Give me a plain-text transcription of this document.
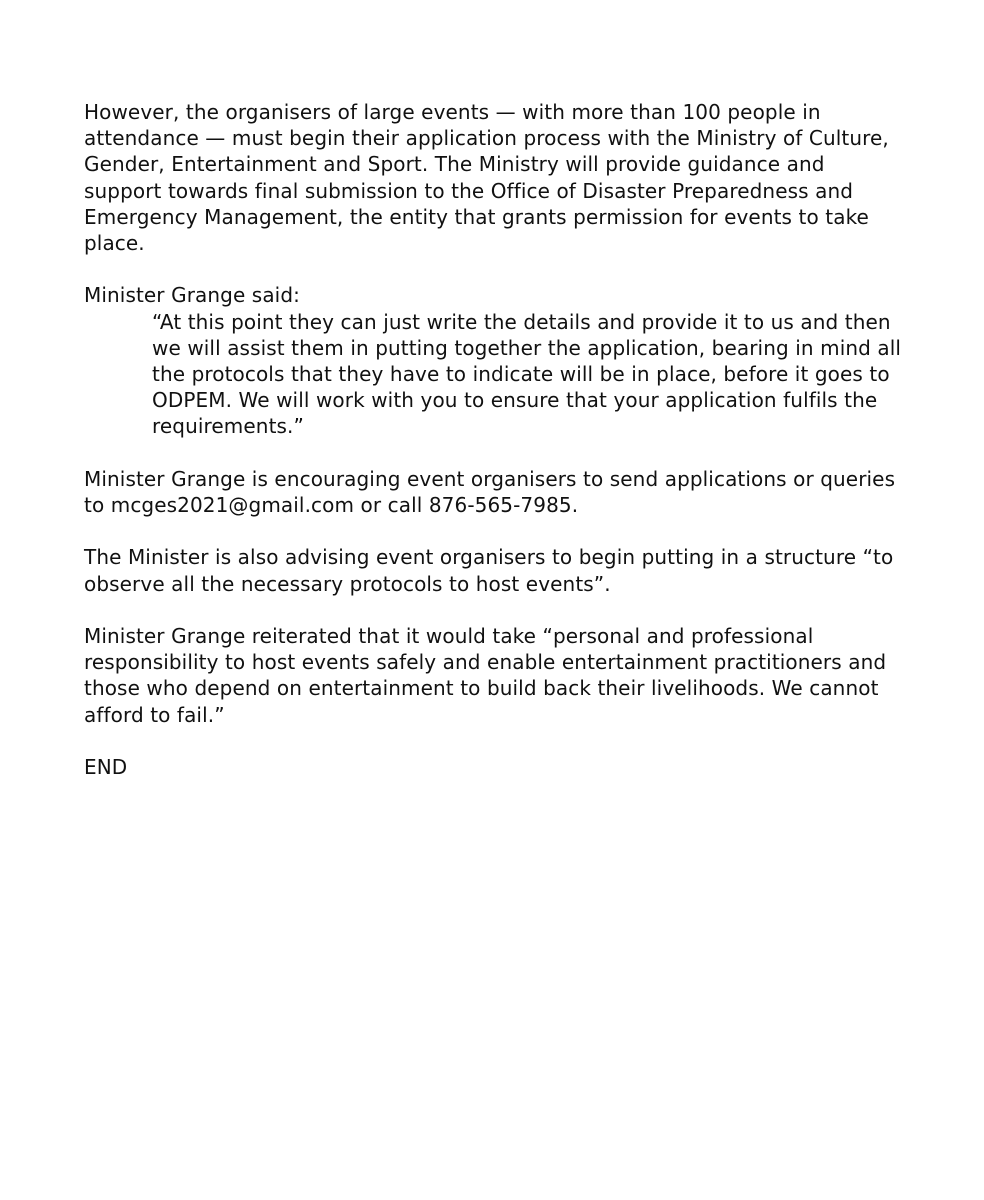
However, the organisers of large events — with more than 100 people in
attendance — must begin their application process with the Ministry of Culture,
Gender, Entertainment and Sport. The Ministry will provide guidance and
support towards final submission to the Office of Disaster Preparedness and
Emergency Management, the entity that grants permission for events to take
place.

Minister Grange said:

“At this point they can just write the details and provide it to us and then
we will assist them in putting together the application, bearing in mind all
the protocols that they have to indicate will be in place, before it goes to
ODPEM. We will work with you to ensure that your application fulfils the
requirements.”

Minister Grange is encouraging event organisers to send applications or queries
to mcges2021@gmail.com or call 876-565-7985.

The Minister is also advising event organisers to begin putting in a structure “to
observe all the necessary protocols to host events”.

Minister Grange reiterated that it would take “personal and professional
responsibility to host events safely and enable entertainment practitioners and
those who depend on entertainment to build back their livelihoods. We cannot
afford to fail.”

END
